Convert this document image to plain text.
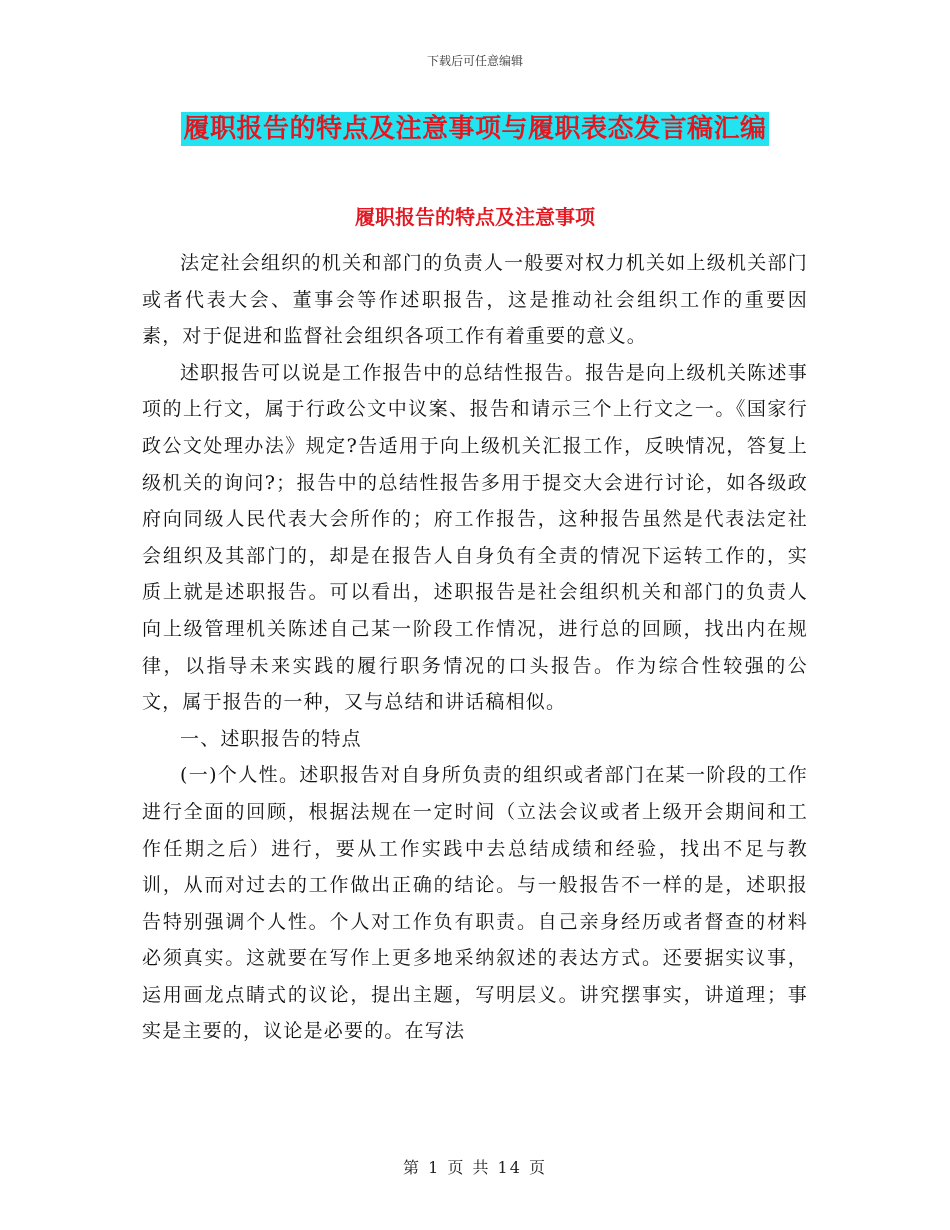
下载后可任意编辑
履职报告的特点及注意事项与履职表态发言稿汇编
履职报告的特点及注意事项

法定社会组织的机关和部门的负责人一般要对权力机关如上级机关部门或者代表大会、董事会等作述职报告，这是推动社会组织工作的重要因素，对于促进和监督社会组织各项工作有着重要的意义。

述职报告可以说是工作报告中的总结性报告。报告是向上级机关陈述事项的上行文，属于行政公文中议案、报告和请示三个上行文之一。《国家行政公文处理办法》规定?告适用于向上级机关汇报工作，反映情况，答复上级机关的询问?；报告中的总结性报告多用于提交大会进行讨论，如各级政府向同级人民代表大会所作的；府工作报告，这种报告虽然是代表法定社会组织及其部门的，却是在报告人自身负有全责的情况下运转工作的，实质上就是述职报告。可以看出，述职报告是社会组织机关和部门的负责人向上级管理机关陈述自己某一阶段工作情况，进行总的回顾，找出内在规律，以指导未来实践的履行职务情况的口头报告。作为综合性较强的公文，属于报告的一种，又与总结和讲话稿相似。

一、述职报告的特点

(一)个人性。述职报告对自身所负责的组织或者部门在某一阶段的工作进行全面的回顾，根据法规在一定时间（立法会议或者上级开会期间和工作任期之后）进行，要从工作实践中去总结成绩和经验，找出不足与教训，从而对过去的工作做出正确的结论。与一般报告不一样的是，述职报告特别强调个人性。个人对工作负有职责。自己亲身经历或者督查的材料必须真实。这就要在写作上更多地采纳叙述的表达方式。还要据实议事，运用画龙点睛式的议论，提出主题，写明层义。讲究摆事实，讲道理；事实是主要的，议论是必要的。在写法

第 1 页 共 14 页
